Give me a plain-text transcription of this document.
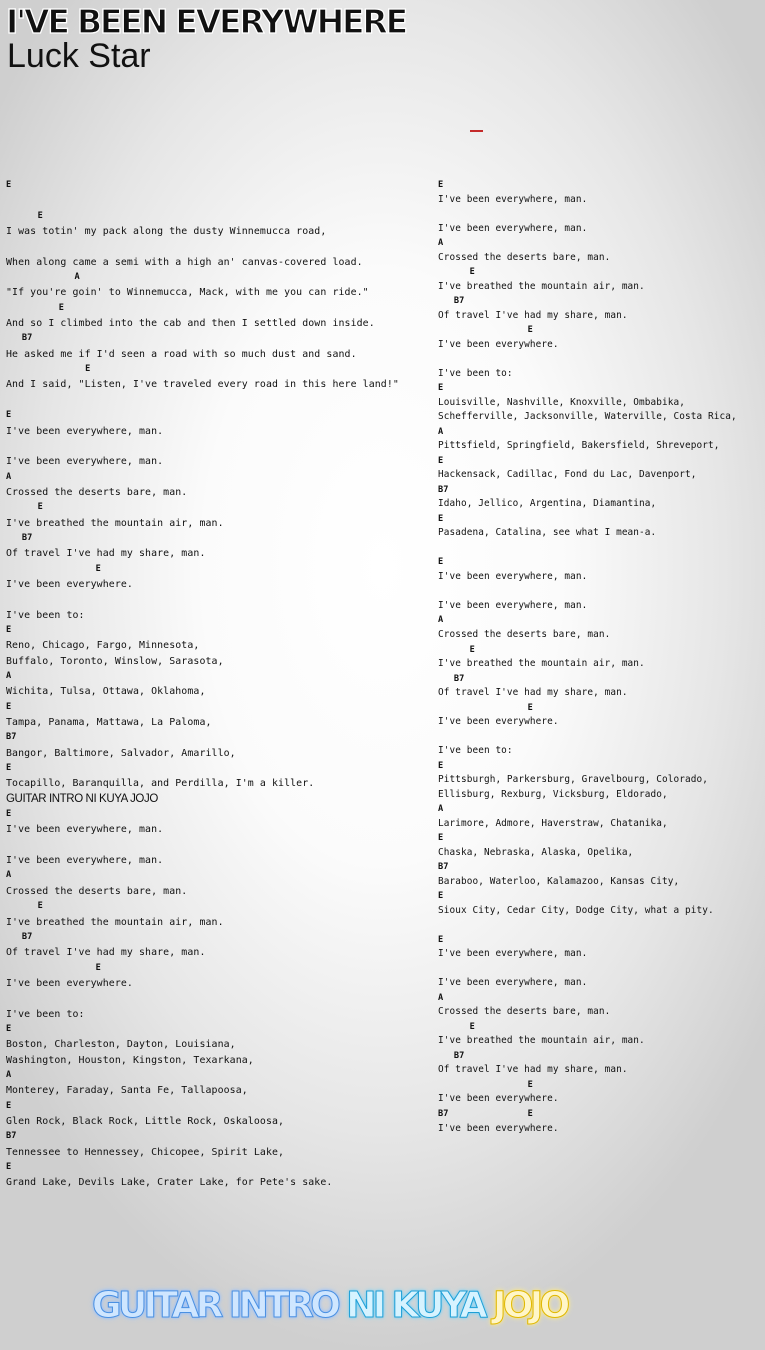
I'VE BEEN EVERYWHERE
Luck Star
E
E
I was totin' my pack along the dusty Winnemucca road,
When along came a semi with a high an' canvas-covered load.
A
"If you're goin' to Winnemucca, Mack, with me you can ride."
E
And so I climbed into the cab and then I settled down inside.
B7
He asked me if I'd seen a road with so much dust and sand.
E
And I said, "Listen, I've traveled every road in this here land!"
E
I've been everywhere, man.
I've been everywhere, man.
A
Crossed the deserts bare, man.
E
I've breathed the mountain air, man.
B7
Of travel I've had my share, man.
E
I've been everywhere.
I've been to:
E
Reno, Chicago, Fargo, Minnesota,
Buffalo, Toronto, Winslow, Sarasota,
A
Wichita, Tulsa, Ottawa, Oklahoma,
E
Tampa, Panama, Mattawa, La Paloma,
B7
Bangor, Baltimore, Salvador, Amarillo,
E
Tocapillo, Baranquilla, and Perdilla, I'm a killer.
GUITAR INTRO NI KUYA JOJO
E
I've been everywhere, man.
I've been everywhere, man.
A
Crossed the deserts bare, man.
E
I've breathed the mountain air, man.
B7
Of travel I've had my share, man.
E
I've been everywhere.
I've been to:
E
Boston, Charleston, Dayton, Louisiana,
Washington, Houston, Kingston, Texarkana,
A
Monterey, Faraday, Santa Fe, Tallapoosa,
E
Glen Rock, Black Rock, Little Rock, Oskaloosa,
B7
Tennessee to Hennessey, Chicopee, Spirit Lake,
E
Grand Lake, Devils Lake, Crater Lake, for Pete's sake.
E
I've been everywhere, man.
I've been everywhere, man.
A
Crossed the deserts bare, man.
E
I've breathed the mountain air, man.
B7
Of travel I've had my share, man.
E
I've been everywhere.
I've been to:
E
Louisville, Nashville, Knoxville, Ombabika,
Schefferville, Jacksonville, Waterville, Costa Rica,
A
Pittsfield, Springfield, Bakersfield, Shreveport,
E
Hackensack, Cadillac, Fond du Lac, Davenport,
B7
Idaho, Jellico, Argentina, Diamantina,
E
Pasadena, Catalina, see what I mean-a.
E
I've been everywhere, man.
I've been everywhere, man.
A
Crossed the deserts bare, man.
E
I've breathed the mountain air, man.
B7
Of travel I've had my share, man.
E
I've been everywhere.
I've been to:
E
Pittsburgh, Parkersburg, Gravelbourg, Colorado,
Ellisburg, Rexburg, Vicksburg, Eldorado,
A
Larimore, Admore, Haverstraw, Chatanika,
E
Chaska, Nebraska, Alaska, Opelika,
B7
Baraboo, Waterloo, Kalamazoo, Kansas City,
E
Sioux City, Cedar City, Dodge City, what a pity.
E
I've been everywhere, man.
I've been everywhere, man.
A
Crossed the deserts bare, man.
E
I've breathed the mountain air, man.
B7
Of travel I've had my share, man.
E
I've been everywhere.
B7               E
I've been everywhere.
GUITAR INTRO NI KUYA JOJO
